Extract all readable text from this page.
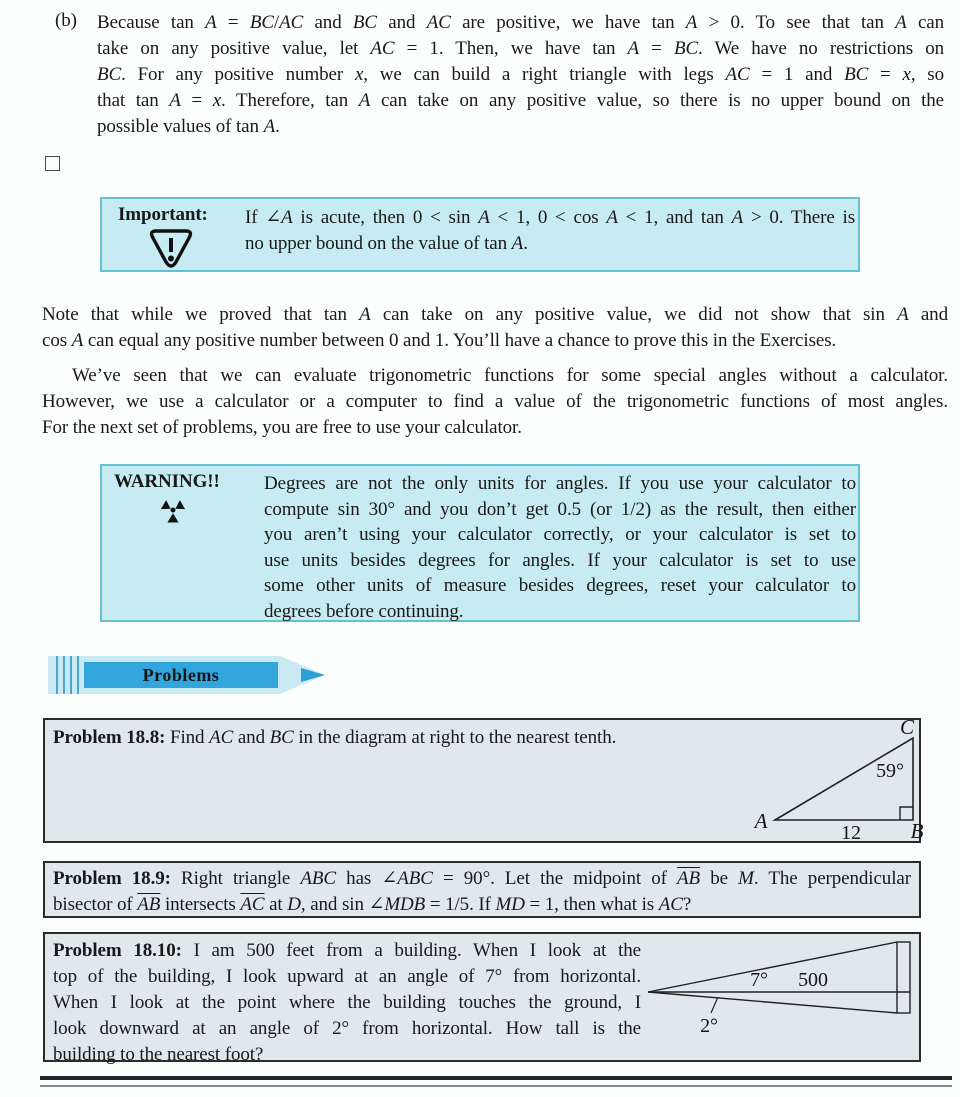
(b)	Because tan A = BC/AC and BC and AC are positive, we have tan A > 0. To see that tan A can
take on any positive value, let AC = 1. Then, we have tan A = BC. We have no restrictions on
BC. For any positive number x, we can build a right triangle with legs AC = 1 and BC = x, so
that tan A = x. Therefore, tan A can take on any positive value, so there is no upper bound on the
possible values of tan A.
Important: If ∠A is acute, then 0 < sin A < 1, 0 < cos A < 1, and tan A > 0. There is
no upper bound on the value of tan A.
Note that while we proved that tan A can take on any positive value, we did not show that sin A and
cos A can equal any positive number between 0 and 1. You’ll have a chance to prove this in the Exercises.
We’ve seen that we can evaluate trigonometric functions for some special angles without a calculator.
However, we use a calculator or a computer to find a value of the trigonometric functions of most angles.
For the next set of problems, you are free to use your calculator.
WARNING!! Degrees are not the only units for angles. If you use your calculator to
compute sin 30° and you don’t get 0.5 (or 1/2) as the result, then either
you aren’t using your calculator correctly, or your calculator is set to
use units besides degrees for angles. If your calculator is set to use
some other units of measure besides degrees, reset your calculator to
degrees before continuing.
Problems
Problem 18.8: Find AC and BC in the diagram at right to the nearest tenth.
A	B
C
59°
12
Problem 18.9: Right triangle ABC has ∠ABC = 90°. Let the midpoint of $\overline{AB}$ be M. The perpendicular
bisector of $\overline{AB}$ intersects $\overline{AC}$ at D, and sin ∠MDB = 1/5. If MD = 1, then what is AC?
Problem 18.10: I am 500 feet from a building. When I look at the
top of the building, I look upward at an angle of 7° from horizontal.
When I look at the point where the building touches the ground, I
look downward at an angle of 2° from horizontal. How tall is the
building to the nearest foot?
7° 500
2°
